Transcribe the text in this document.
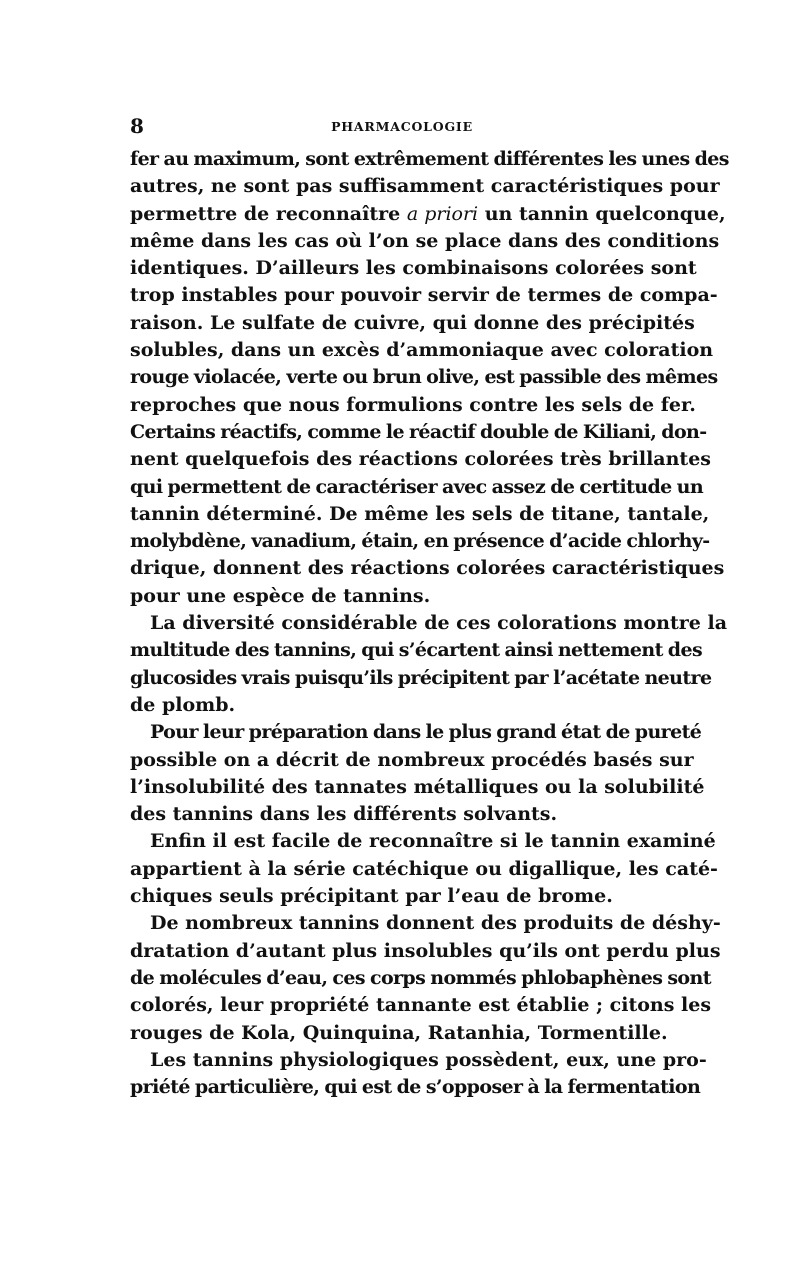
8	PHARMACOLOGIE
fer au maximum, sont extrêmement différentes les unes des
autres, ne sont pas suffisamment caractéristiques pour
permettre de reconnaître a priori un tannin quelconque,
même dans les cas où l’on se place dans des conditions
identiques. D’ailleurs les combinaisons colorées sont
trop instables pour pouvoir servir de termes de compa-
raison. Le sulfate de cuivre, qui donne des précipités
solubles, dans un excès d’ammoniaque avec coloration
rouge violacée, verte ou brun olive, est passible des mêmes
reproches que nous formulions contre les sels de fer.
Certains réactifs, comme le réactif double de Kiliani, don-
nent quelquefois des réactions colorées très brillantes
qui permettent de caractériser avec assez de certitude un
tannin déterminé. De même les sels de titane, tantale,
molybdène, vanadium, étain, en présence d’acide chlorhy-
drique, donnent des réactions colorées caractéristiques
pour une espèce de tannins.
La diversité considérable de ces colorations montre la
multitude des tannins, qui s’écartent ainsi nettement des
glucosides vrais puisqu’ils précipitent par l’acétate neutre
de plomb.
Pour leur préparation dans le plus grand état de pureté
possible on a décrit de nombreux procédés basés sur
l’insolubilité des tannates métalliques ou la solubilité
des tannins dans les différents solvants.
Enfin il est facile de reconnaître si le tannin examiné
appartient à la série catéchique ou digallique, les caté-
chiques seuls précipitant par l’eau de brome.
De nombreux tannins donnent des produits de déshy-
dratation d’autant plus insolubles qu’ils ont perdu plus
de molécules d’eau, ces corps nommés phlobaphènes sont
colorés, leur propriété tannante est établie ; citons les
rouges de Kola, Quinquina, Ratanhia, Tormentille.
Les tannins physiologiques possèdent, eux, une pro-
priété particulière, qui est de s’opposer à la fermentation
